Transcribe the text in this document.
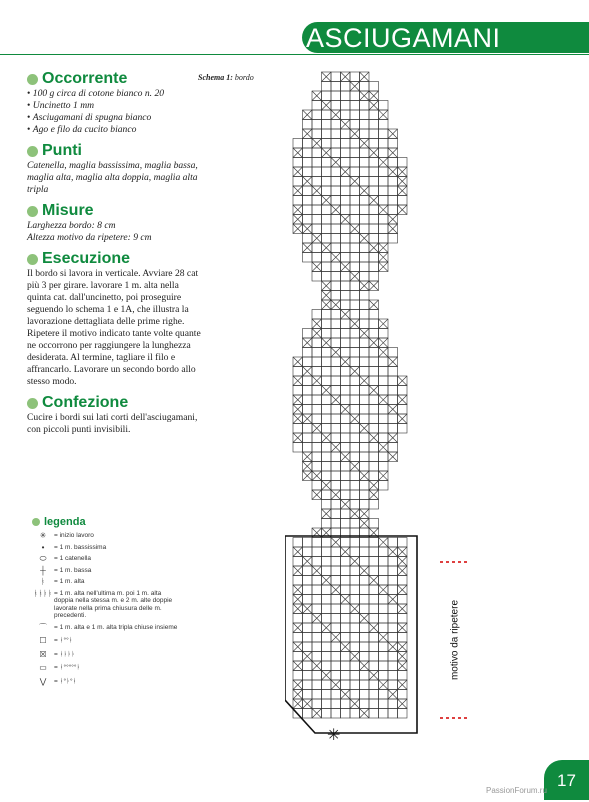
ASCIUGAMANI
Occorrente
• 100 g circa di cotone bianco n. 20
• Uncinetto 1 mm
• Asciugamani di spugna bianco
• Ago e filo da cucito bianco
Punti

Catenella, maglia bassissima, maglia bassa, maglia alta, maglia alta doppia, maglia alta tripla

Misure

Larghezza bordo: 8 cm
Altezza motivo da ripetere: 9 cm

Esecuzione

Il bordo si lavora in verticale. Avviare 28 cat più 3 per girare. lavorare 1 m. alta nella quinta cat. dall'uncinetto, poi proseguire seguendo lo schema 1 e 1A, che illustra la lavorazione dettagliata delle prime righe. Ripetere il motivo indicato tante volte quante ne occorrono per raggiungere la lunghezza desiderata. Al termine, tagliare il filo e affrancarlo. Lavorare un secondo bordo allo stesso modo.

Confezione

Cucire i bordi sui lati corti dell'asciugamani, con piccoli punti invisibili.

legenda
✳	= inizio lavoro
•	= 1 m. bassissima
⬭	= 1 catenella
┼	= 1 m. bassa
ᚭ	= 1 m. alta
ᚭᚭᚭᚭ = 1 m. alta nell'ultima m. poi 1 m. alta doppia nella stessa m. e 2 m. alte doppie lavorate nella prima chiusura delle m. precedenti.
⌒	= 1 m. alta e 1 m. alta tripla chiuse insieme
☐	= ᚭ°°ᚭ
☒	= ᚭᚭᚭᚭ
▭	= ᚭ°°°°°ᚭ
⋁	= ᚭ°ᚭ°ᚭ
Schema 1: bordo
✳
motivo da ripetere
17
PassionForum.ru
